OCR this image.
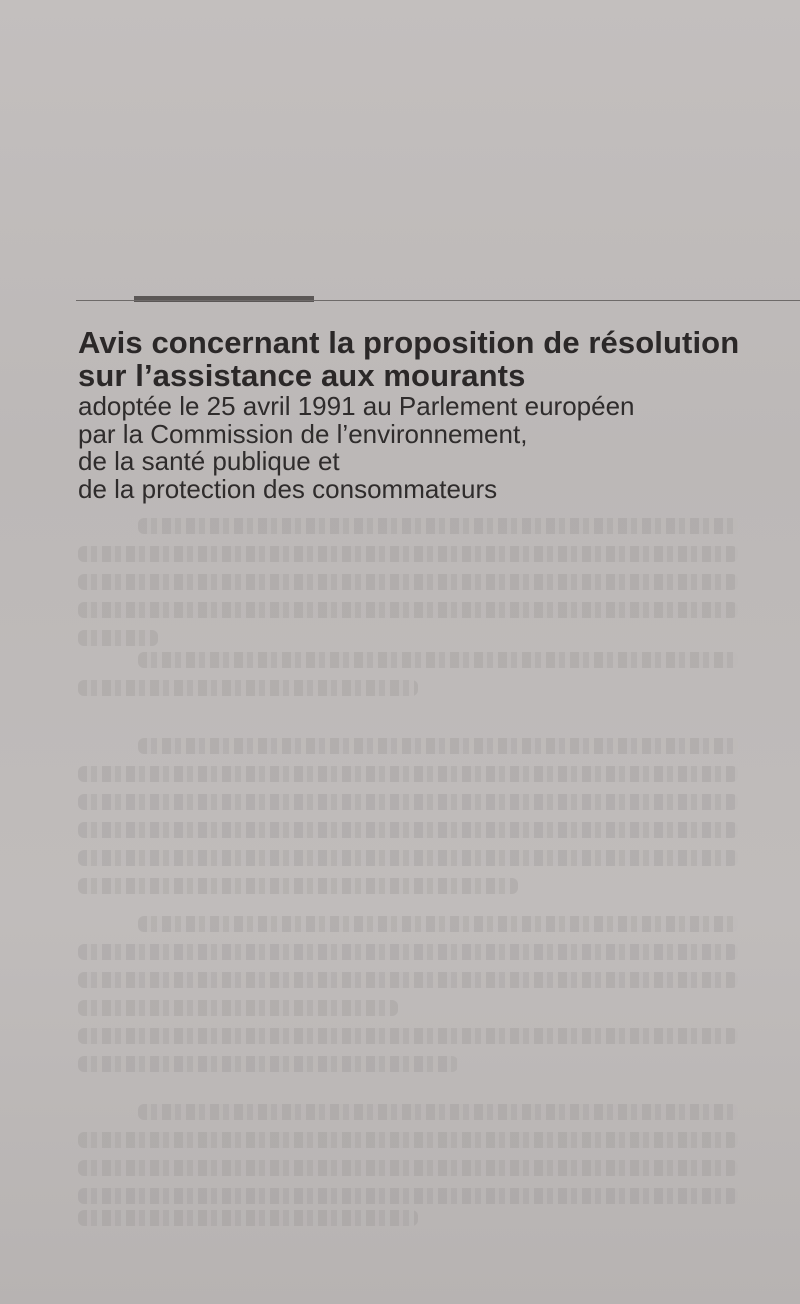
Avis concernant la proposition de résolution
sur l’assistance aux mourants
adoptée le 25 avril 1991 au Parlement européen
par la Commission de l’environnement,
de la santé publique et
de la protection des consommateurs
